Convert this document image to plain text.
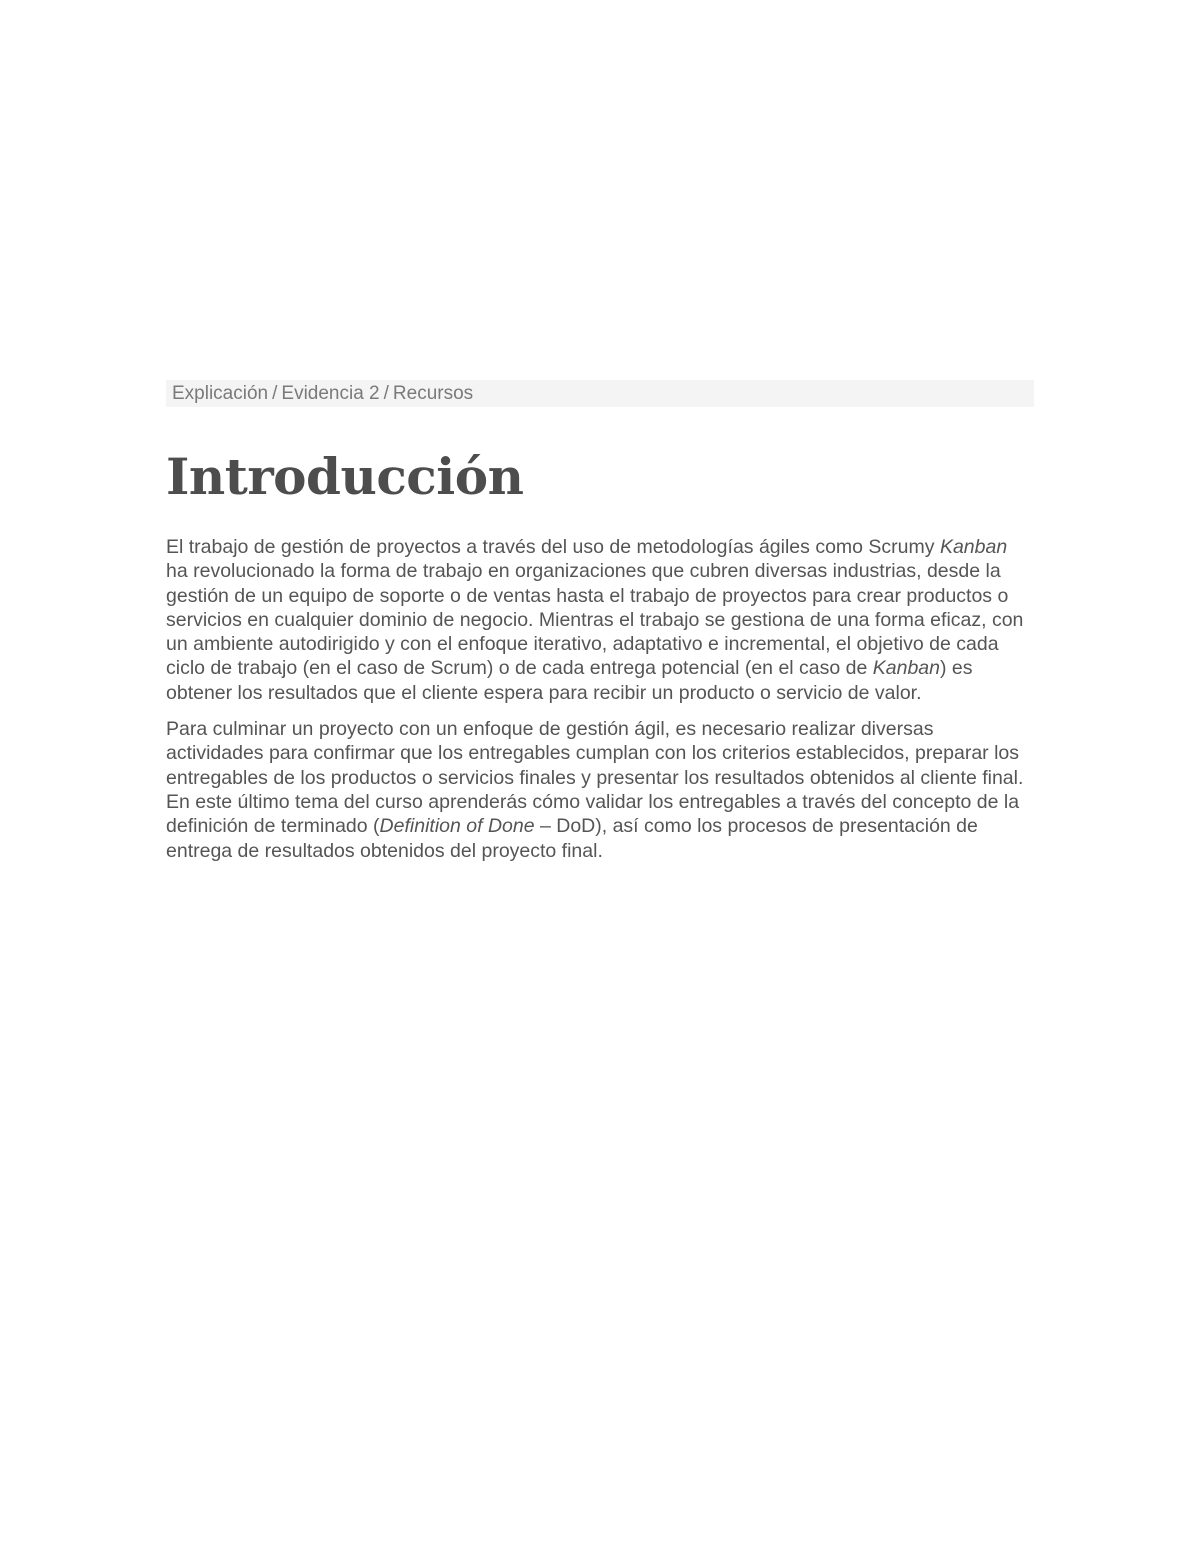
Explicación / Evidencia 2 / Recursos
Introducción

El trabajo de gestión de proyectos a través del uso de metodologías ágiles como Scrumy Kanban ha revolucionado la forma de trabajo en organizaciones que cubren diversas industrias, desde la gestión de un equipo de soporte o de ventas hasta el trabajo de proyectos para crear productos o servicios en cualquier dominio de negocio. Mientras el trabajo se gestiona de una forma eficaz, con un ambiente autodirigido y con el enfoque iterativo, adaptativo e incremental, el objetivo de cada ciclo de trabajo (en el caso de Scrum) o de cada entrega potencial (en el caso de Kanban) es obtener los resultados que el cliente espera para recibir un producto o servicio de valor.

Para culminar un proyecto con un enfoque de gestión ágil, es necesario realizar diversas actividades para confirmar que los entregables cumplan con los criterios establecidos, preparar los entregables de los productos o servicios finales y presentar los resultados obtenidos al cliente final. En este último tema del curso aprenderás cómo validar los entregables a través del concepto de la definición de terminado (Definition of Done – DoD), así como los procesos de presentación de entrega de resultados obtenidos del proyecto final.
